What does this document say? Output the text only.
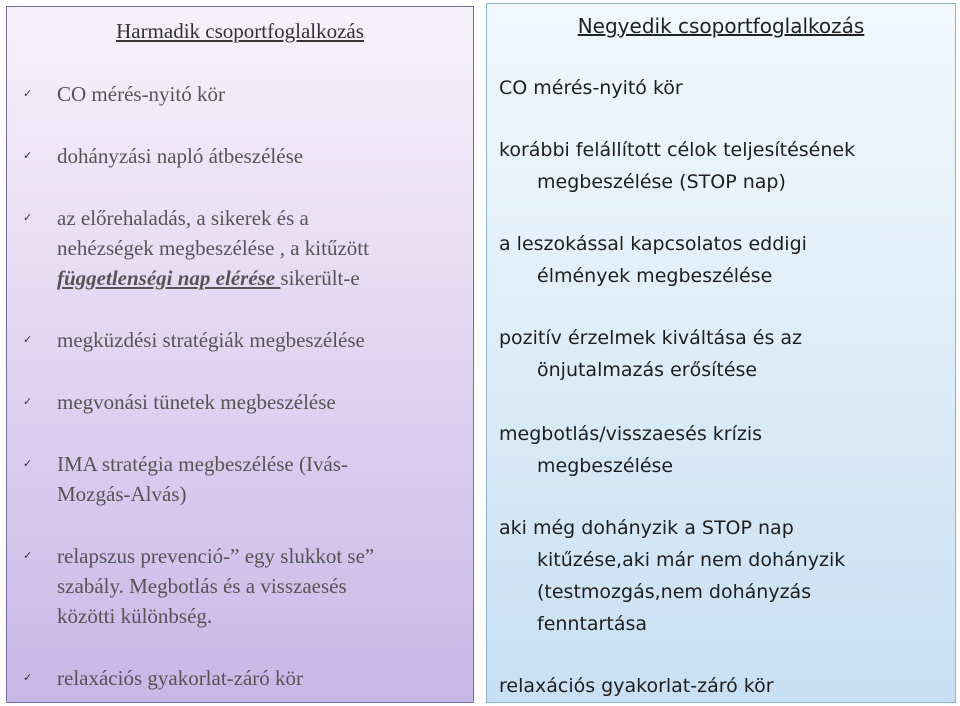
Harmadik csoportfoglalkozás
✓ CO mérés-nyitó kör
✓ dohányzási napló átbeszélése
✓ az előrehaladás, a sikerek és a
nehézségek megbeszélése , a kitűzött
függetlenségi nap elérése sikerült-e
✓ megküzdési stratégiák megbeszélése
✓ megvonási tünetek megbeszélése
✓ IMA stratégia megbeszélése (Ivás-
Mozgás-Alvás)
✓ relapszus prevenció-” egy slukkot se”
szabály. Megbotlás és a visszaesés
közötti különbség.
✓ relaxációs gyakorlat-záró kör
Negyedik csoportfoglalkozás
CO mérés-nyitó kör
korábbi felállított célok teljesítésének
megbeszélése (STOP nap)
a leszokással kapcsolatos eddigi
élmények megbeszélése
pozitív érzelmek kiváltása és az
önjutalmazás erősítése
megbotlás/visszaesés krízis
megbeszélése
aki még dohányzik a STOP nap
kitűzése,aki már nem dohányzik
(testmozgás,nem dohányzás
fenntartása
relaxációs gyakorlat-záró kör
